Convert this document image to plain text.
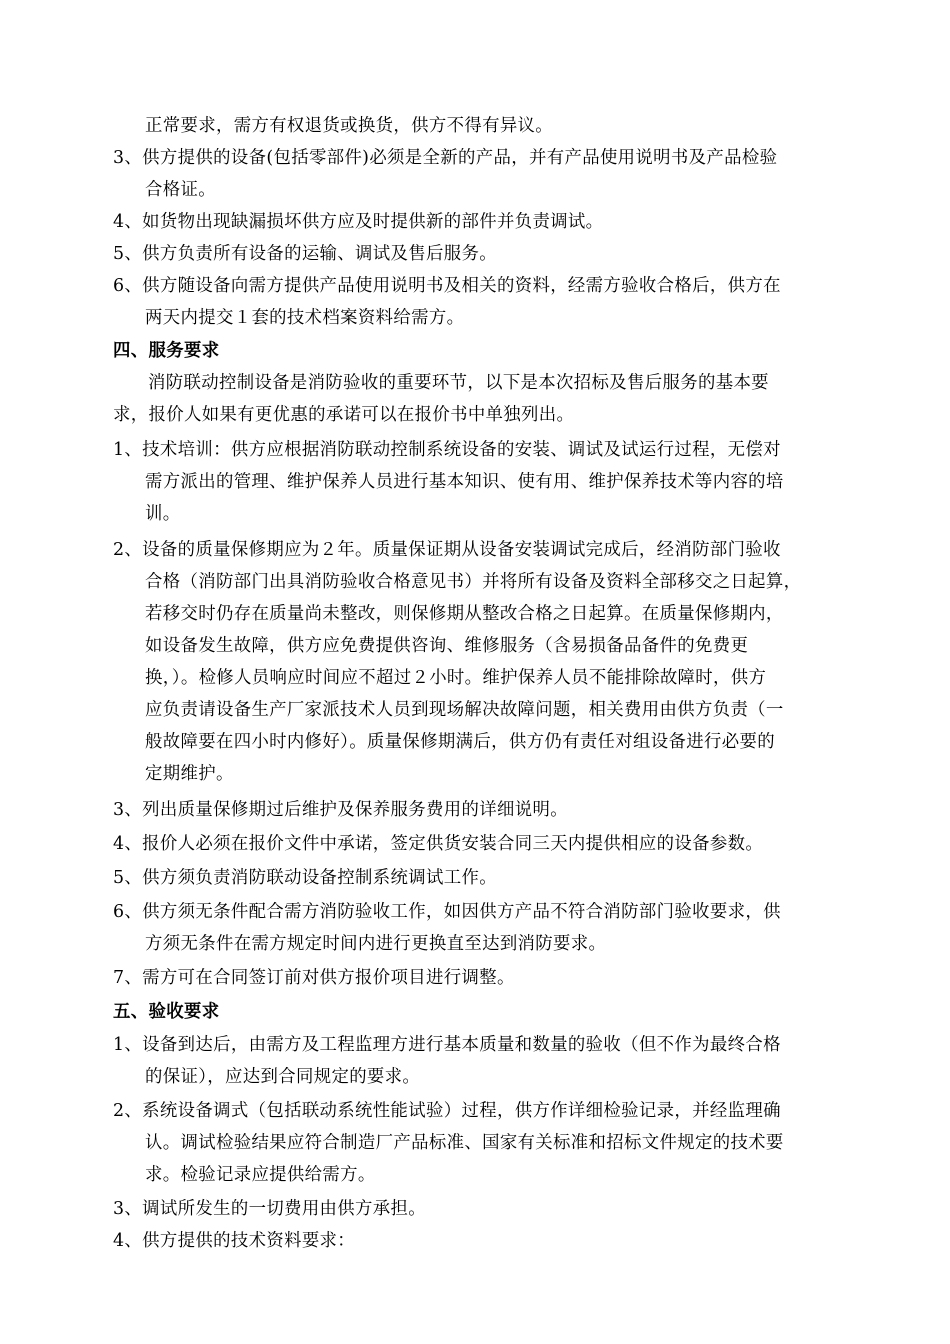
正常要求，需方有权退货或换货，供方不得有异议。
3、供方提供的设备(包括零部件)必须是全新的产品，并有产品使用说明书及产品检验
合格证。
4、如货物出现缺漏损坏供方应及时提供新的部件并负责调试。
5、供方负责所有设备的运输、调试及售后服务。
6、供方随设备向需方提供产品使用说明书及相关的资料，经需方验收合格后，供方在
两天内提交１套的技术档案资料给需方。
四、服务要求
消防联动控制设备是消防验收的重要环节，以下是本次招标及售后服务的基本要
求，报价人如果有更优惠的承诺可以在报价书中单独列出。
1、技术培训：供方应根据消防联动控制系统设备的安装、调试及试运行过程，无偿对
需方派出的管理、维护保养人员进行基本知识、使有用、维护保养技术等内容的培
训。
2、设备的质量保修期应为２年。质量保证期从设备安装调试完成后，经消防部门验收
合格（消防部门出具消防验收合格意见书）并将所有设备及资料全部移交之日起算，
若移交时仍存在质量尚未整改，则保修期从整改合格之日起算。在质量保修期内，
如设备发生故障，供方应免费提供咨询、维修服务（含易损备品备件的免费更
换，）。检修人员响应时间应不超过２小时。维护保养人员不能排除故障时，供方
应负责请设备生产厂家派技术人员到现场解决故障问题，相关费用由供方负责（一
般故障要在四小时内修好）。质量保修期满后，供方仍有责任对组设备进行必要的
定期维护。
3、列出质量保修期过后维护及保养服务费用的详细说明。
4、报价人必须在报价文件中承诺，签定供货安装合同三天内提供相应的设备参数。
5、供方须负责消防联动设备控制系统调试工作。
6、供方须无条件配合需方消防验收工作，如因供方产品不符合消防部门验收要求，供
方须无条件在需方规定时间内进行更换直至达到消防要求。
7、需方可在合同签订前对供方报价项目进行调整。
五、验收要求
1、设备到达后，由需方及工程监理方进行基本质量和数量的验收（但不作为最终合格
的保证），应达到合同规定的要求。
2、系统设备调式（包括联动系统性能试验）过程，供方作详细检验记录，并经监理确
认。调试检验结果应符合制造厂产品标准、国家有关标准和招标文件规定的技术要
求。检验记录应提供给需方。
3、调试所发生的一切费用由供方承担。
4、供方提供的技术资料要求：
